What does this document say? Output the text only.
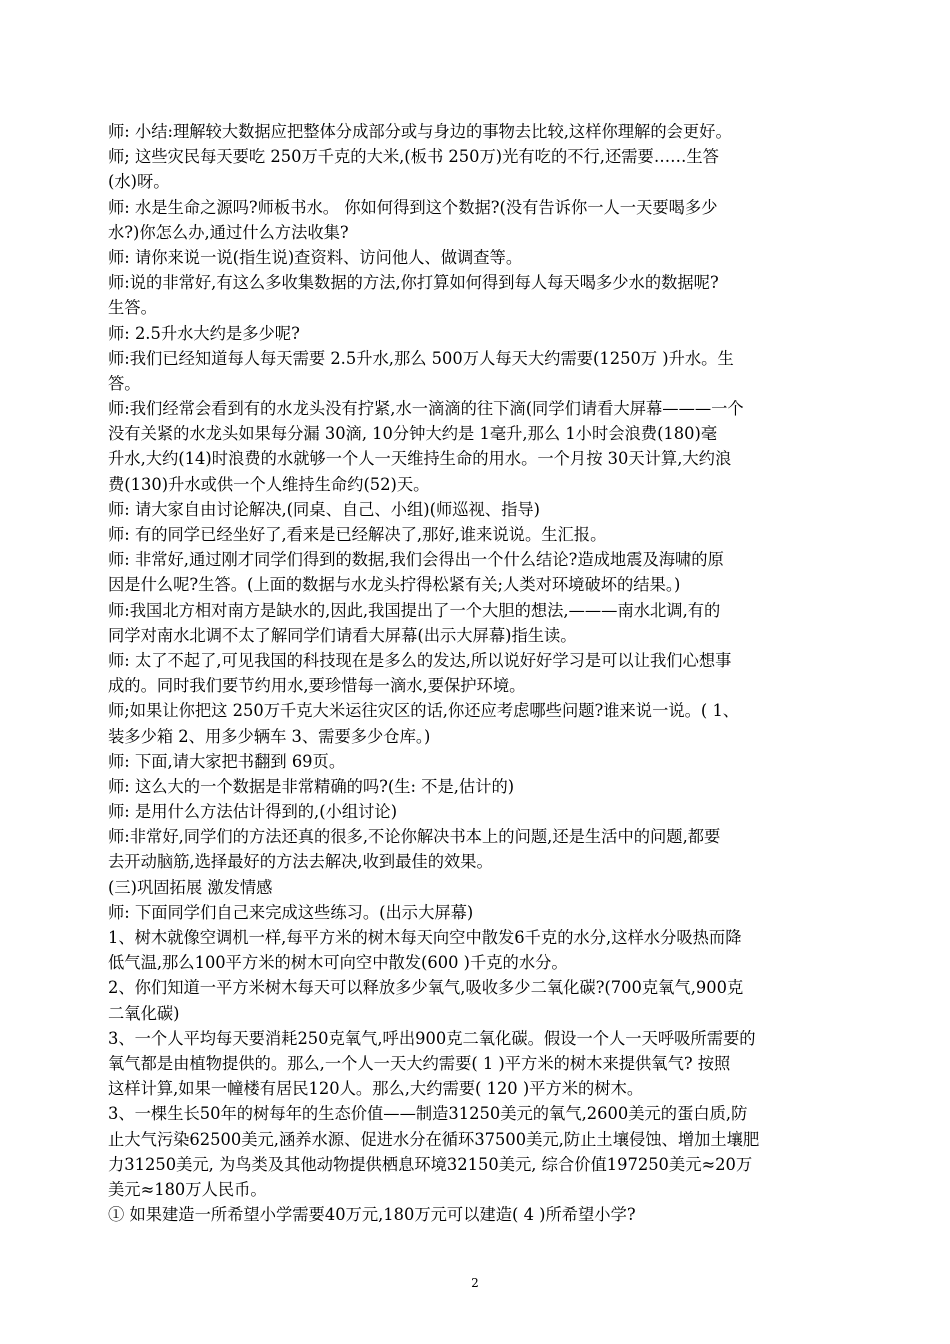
师: 小结:理解较大数据应把整体分成部分或与身边的事物去比较,这样你理解的会更好。
师; 这些灾民每天要吃 250万千克的大米,(板书 250万)光有吃的不行,还需要……生答
(水)呀。
师: 水是生命之源吗?师板书水。 你如何得到这个数据?(没有告诉你一人一天要喝多少
水?)你怎么办,通过什么方法收集?
师: 请你来说一说(指生说)查资料、访问他人、做调查等。
师:说的非常好,有这么多收集数据的方法,你打算如何得到每人每天喝多少水的数据呢?
生答。
师: 2.5升水大约是多少呢?
师:我们已经知道每人每天需要 2.5升水,那么 500万人每天大约需要(1250万 )升水。生
答。
师:我们经常会看到有的水龙头没有拧紧,水一滴滴的往下滴(同学们请看大屏幕———一个
没有关紧的水龙头如果每分漏 30滴, 10分钟大约是 1毫升,那么 1小时会浪费(180)毫
升水,大约(14)时浪费的水就够一个人一天维持生命的用水。一个月按 30天计算,大约浪
费(130)升水或供一个人维持生命约(52)天。
师: 请大家自由讨论解决,(同桌、自己、小组)(师巡视、指导)
师: 有的同学已经坐好了,看来是已经解决了,那好,谁来说说。生汇报。
师: 非常好,通过刚才同学们得到的数据,我们会得出一个什么结论?造成地震及海啸的原
因是什么呢?生答。(上面的数据与水龙头拧得松紧有关;人类对环境破坏的结果。)
师:我国北方相对南方是缺水的,因此,我国提出了一个大胆的想法,———南水北调,有的
同学对南水北调不太了解同学们请看大屏幕(出示大屏幕)指生读。
师: 太了不起了,可见我国的科技现在是多么的发达,所以说好好学习是可以让我们心想事
成的。同时我们要节约用水,要珍惜每一滴水,要保护环境。
师;如果让你把这 250万千克大米运往灾区的话,你还应考虑哪些问题?谁来说一说。( 1、
装多少箱 2、用多少辆车 3、需要多少仓库。)
师: 下面,请大家把书翻到 69页。
师: 这么大的一个数据是非常精确的吗?(生: 不是,估计的)
师: 是用什么方法估计得到的,(小组讨论)
师:非常好,同学们的方法还真的很多,不论你解决书本上的问题,还是生活中的问题,都要
去开动脑筋,选择最好的方法去解决,收到最佳的效果。
(三)巩固拓展 激发情感
师: 下面同学们自己来完成这些练习。(出示大屏幕)
1、树木就像空调机一样,每平方米的树木每天向空中散发6千克的水分,这样水分吸热而降
低气温,那么100平方米的树木可向空中散发(600 )千克的水分。
2、你们知道一平方米树木每天可以释放多少氧气,吸收多少二氧化碳?(700克氧气,900克
二氧化碳)
3、一个人平均每天要消耗250克氧气,呼出900克二氧化碳。假设一个人一天呼吸所需要的
氧气都是由植物提供的。那么,一个人一天大约需要( 1 )平方米的树木来提供氧气? 按照
这样计算,如果一幢楼有居民120人。那么,大约需要( 120 )平方米的树木。
3、一棵生长50年的树每年的生态价值——制造31250美元的氧气,2600美元的蛋白质,防
止大气污染62500美元,涵养水源、促进水分在循环37500美元,防止土壤侵蚀、增加土壤肥
力31250美元, 为鸟类及其他动物提供栖息环境32150美元, 综合价值197250美元≈20万
美元≈180万人民币。
① 如果建造一所希望小学需要40万元,180万元可以建造( 4 )所希望小学?
2
